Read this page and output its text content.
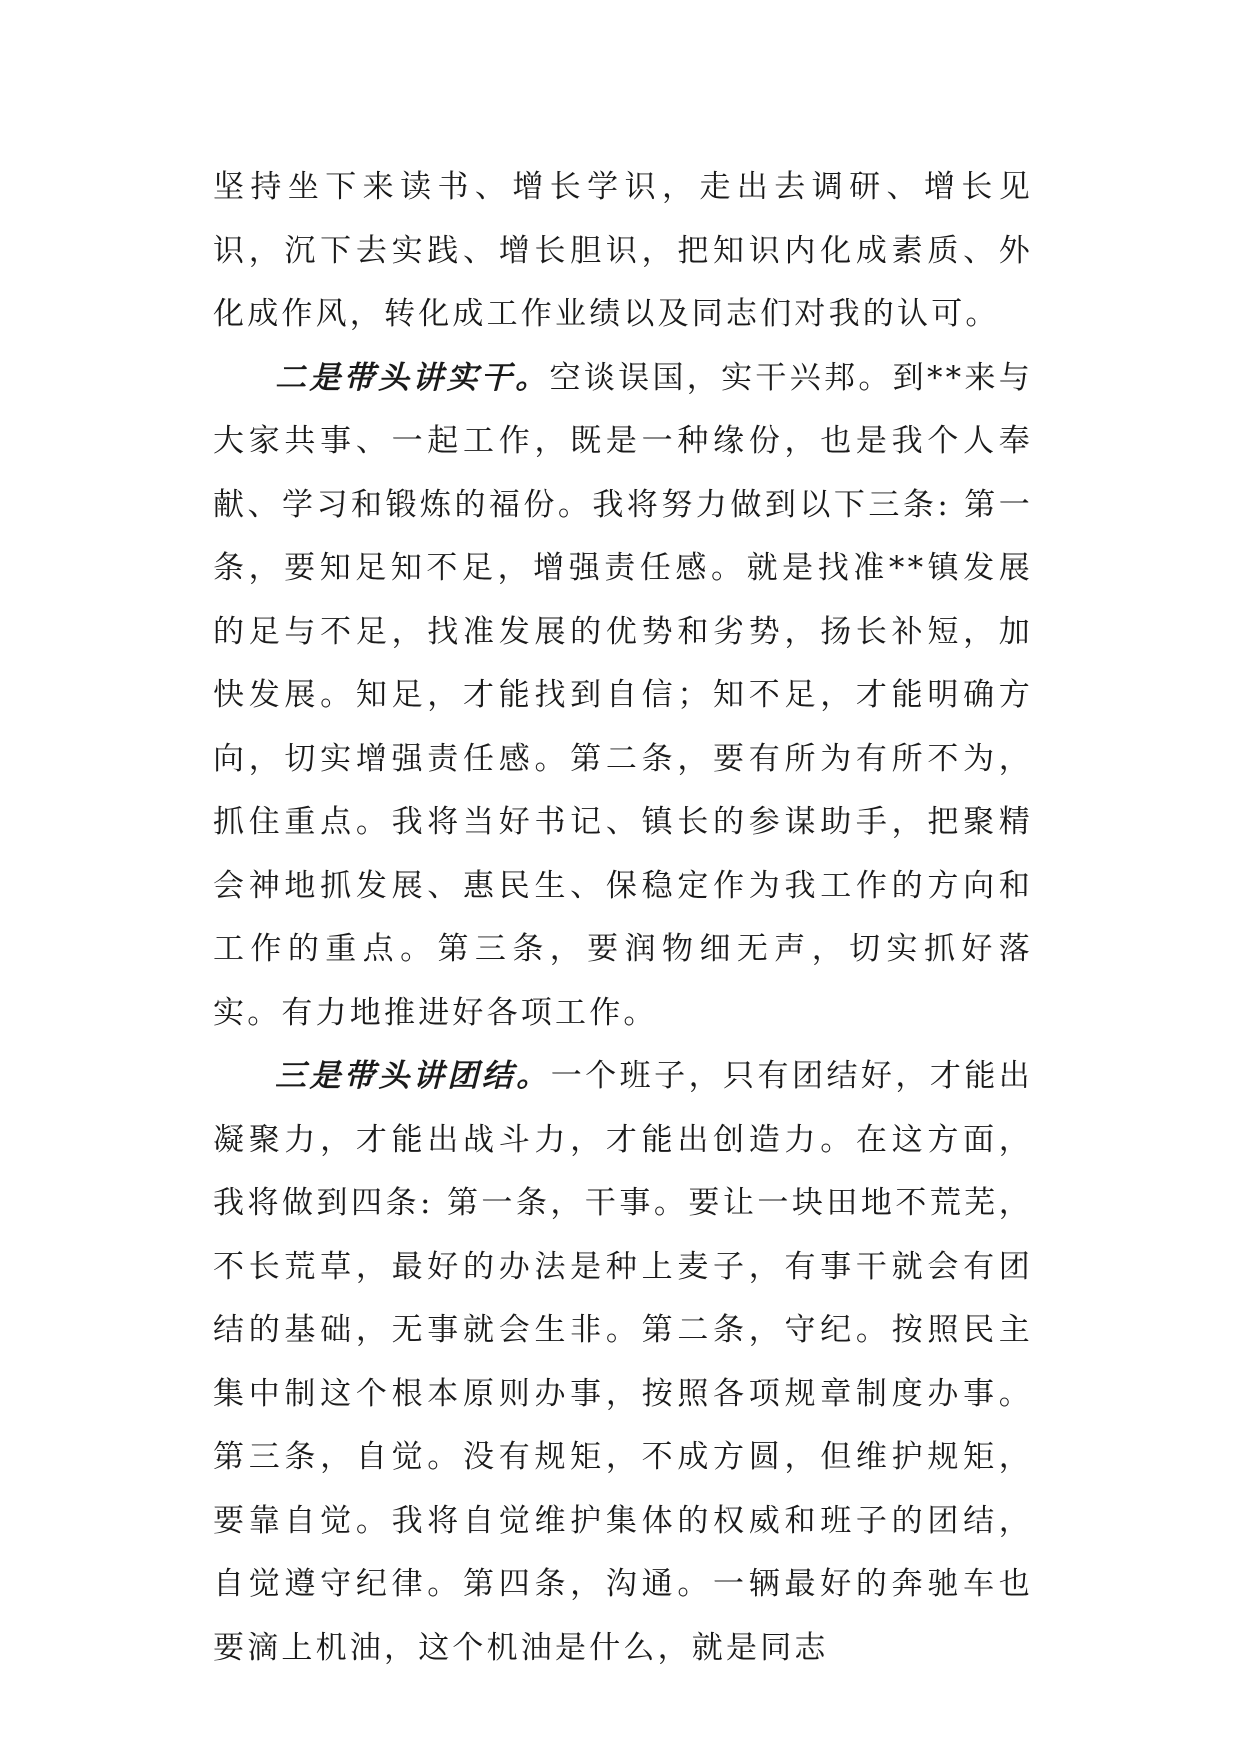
坚持坐下来读书、增长学识，走出去调研、增长见识，沉下去实践、增长胆识，把知识内化成素质、外化成作风，转化成工作业绩以及同志们对我的认可。

二是带头讲实干。空谈误国，实干兴邦。到**来与大家共事、一起工作，既是一种缘份，也是我个人奉献、学习和锻炼的福份。我将努力做到以下三条: 第一条，要知足知不足，增强责任感。就是找准**镇发展的足与不足，找准发展的优势和劣势，扬长补短，加快发展。知足，才能找到自信；知不足，才能明确方向，切实增强责任感。第二条，要有所为有所不为，抓住重点。我将当好书记、镇长的参谋助手，把聚精会神地抓发展、惠民生、保稳定作为我工作的方向和工作的重点。第三条，要润物细无声，切实抓好落实。有力地推进好各项工作。

三是带头讲团结。一个班子，只有团结好，才能出凝聚力，才能出战斗力，才能出创造力。在这方面，我将做到四条: 第一条，干事。要让一块田地不荒芜，不长荒草，最好的办法是种上麦子，有事干就会有团结的基础，无事就会生非。第二条，守纪。按照民主集中制这个根本原则办事，按照各项规章制度办事。第三条，自觉。没有规矩，不成方圆，但维护规矩，要靠自觉。我将自觉维护集体的权威和班子的团结，自觉遵守纪律。第四条，沟通。一辆最好的奔驰车也要滴上机油，这个机油是什么，就是同志
